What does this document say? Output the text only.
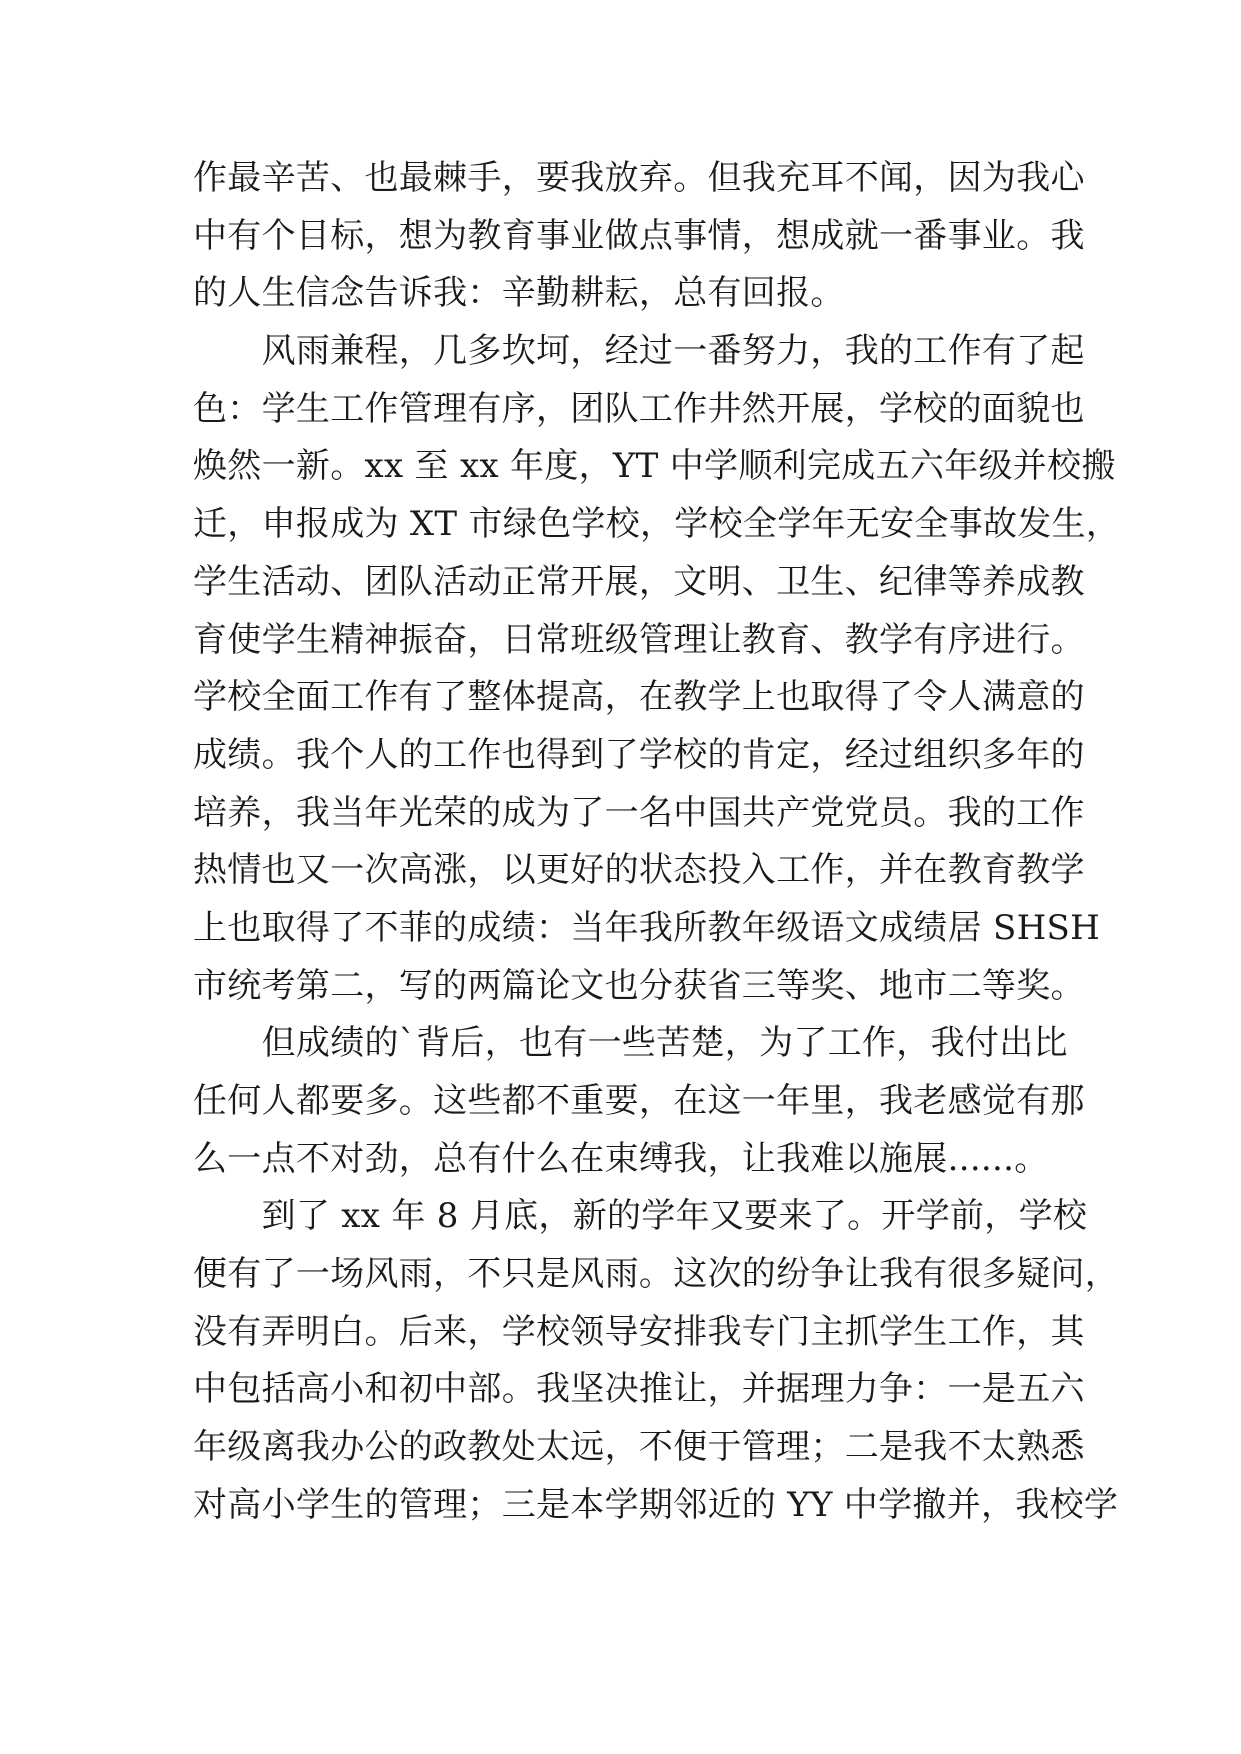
作最辛苦、也最棘手，要我放弃。但我充耳不闻，因为我心
中有个目标，想为教育事业做点事情，想成就一番事业。我
的人生信念告诉我：辛勤耕耘，总有回报。
　　风雨兼程，几多坎坷，经过一番努力，我的工作有了起
色：学生工作管理有序，团队工作井然开展，学校的面貌也
焕然一新。xx 至 xx 年度，YT 中学顺利完成五六年级并校搬
迁，申报成为 XT 市绿色学校，学校全学年无安全事故发生，
学生活动、团队活动正常开展，文明、卫生、纪律等养成教
育使学生精神振奋，日常班级管理让教育、教学有序进行。
学校全面工作有了整体提高，在教学上也取得了令人满意的
成绩。我个人的工作也得到了学校的肯定，经过组织多年的
培养，我当年光荣的成为了一名中国共产党党员。我的工作
热情也又一次高涨，以更好的状态投入工作，并在教育教学
上也取得了不菲的成绩：当年我所教年级语文成绩居 SHSH
市统考第二，写的两篇论文也分获省三等奖、地市二等奖。
　　但成绩的`背后，也有一些苦楚，为了工作，我付出比
任何人都要多。这些都不重要，在这一年里，我老感觉有那
么一点不对劲，总有什么在束缚我，让我难以施展......。
　　到了 xx 年 8 月底，新的学年又要来了。开学前，学校
便有了一场风雨，不只是风雨。这次的纷争让我有很多疑问，
没有弄明白。后来，学校领导安排我专门主抓学生工作，其
中包括高小和初中部。我坚决推让，并据理力争：一是五六
年级离我办公的政教处太远，不便于管理；二是我不太熟悉
对高小学生的管理；三是本学期邻近的 YY 中学撤并，我校学
